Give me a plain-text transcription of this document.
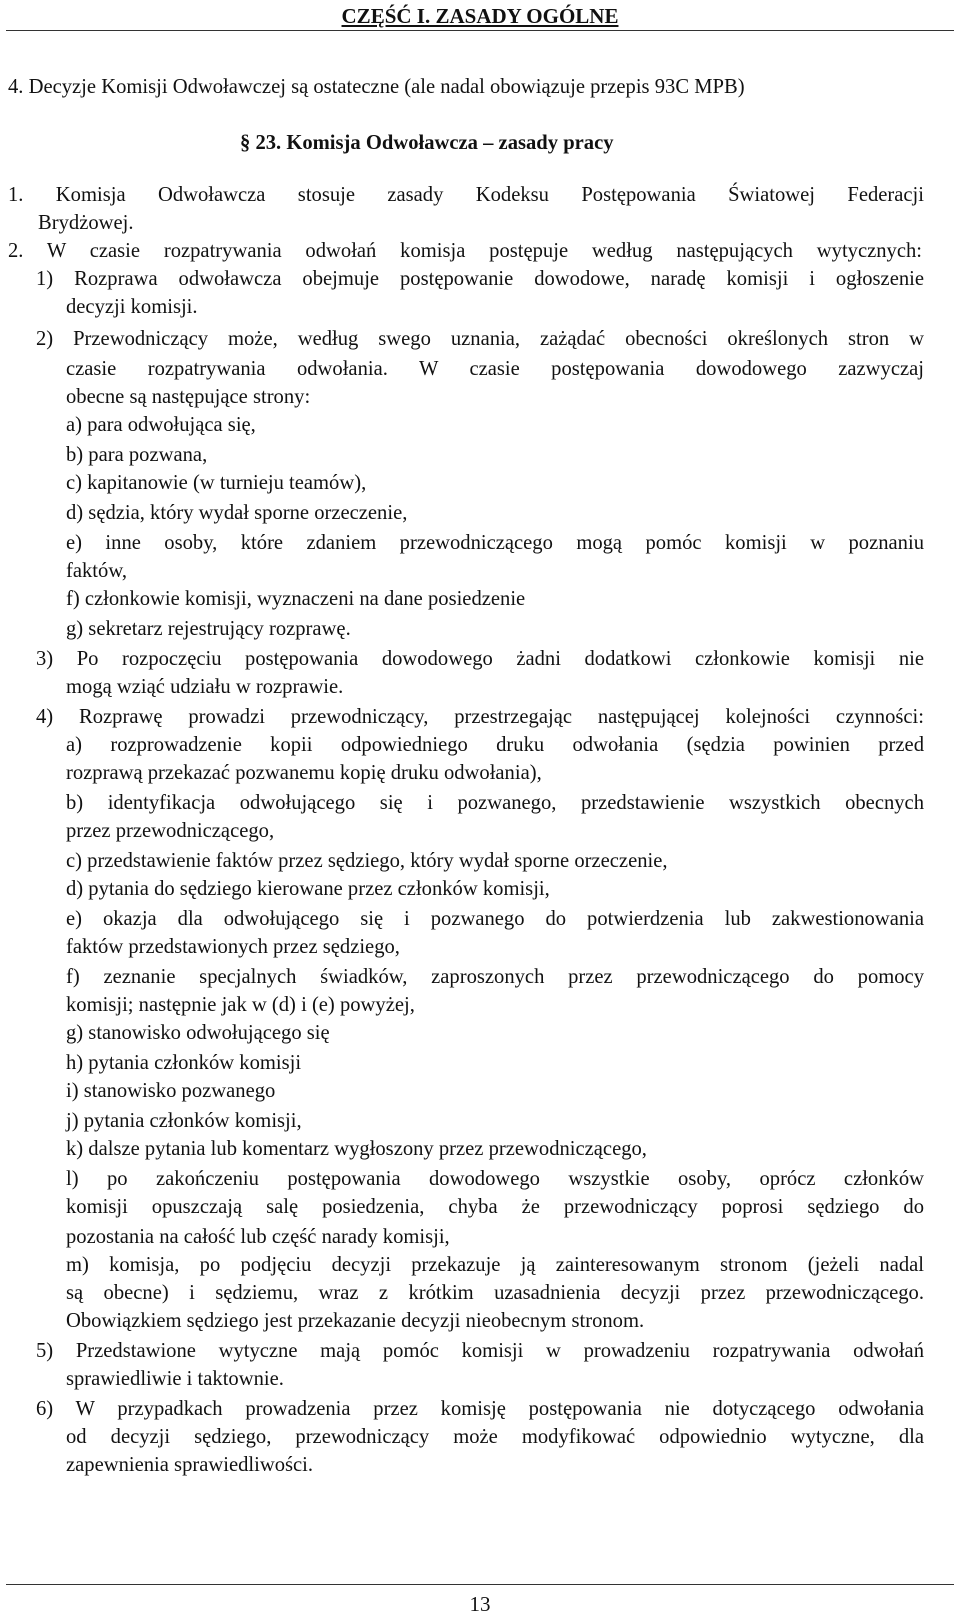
CZĘŚĆ I. ZASADY OGÓLNE
4. Decyzje Komisji Odwoławczej są ostateczne (ale nadal obowiązuje przepis 93C MPB)
§ 23. Komisja Odwoławcza – zasady pracy
1. Komisja Odwoławcza stosuje zasady Kodeksu Postępowania Światowej Federacji
Brydżowej.
2. W czasie rozpatrywania odwołań komisja postępuje według następujących wytycznych:
1) Rozprawa odwoławcza obejmuje postępowanie dowodowe, naradę komisji i ogłoszenie
decyzji komisji.
2) Przewodniczący może, według swego uznania, zażądać obecności określonych stron w
czasie rozpatrywania odwołania. W czasie postępowania dowodowego zazwyczaj
obecne są następujące strony:
a) para odwołująca się,
b) para pozwana,
c) kapitanowie (w turnieju teamów),
d) sędzia, który wydał sporne orzeczenie,
e) inne osoby, które zdaniem przewodniczącego mogą pomóc komisji w poznaniu
faktów,
f) członkowie komisji, wyznaczeni na dane posiedzenie
g) sekretarz rejestrujący rozprawę.
3) Po rozpoczęciu postępowania dowodowego żadni dodatkowi członkowie komisji nie
mogą wziąć udziału w rozprawie.
4) Rozprawę prowadzi przewodniczący, przestrzegając następującej kolejności czynności:
a) rozprowadzenie kopii odpowiedniego druku odwołania (sędzia powinien przed
rozprawą przekazać pozwanemu kopię druku odwołania),
b) identyfikacja odwołującego się i pozwanego, przedstawienie wszystkich obecnych
przez przewodniczącego,
c) przedstawienie faktów przez sędziego, który wydał sporne orzeczenie,
d) pytania do sędziego kierowane przez członków komisji,
e) okazja dla odwołującego się i pozwanego do potwierdzenia lub zakwestionowania
faktów przedstawionych przez sędziego,
f) zeznanie specjalnych świadków, zaproszonych przez przewodniczącego do pomocy
komisji; następnie jak w (d) i (e) powyżej,
g) stanowisko odwołującego się
h) pytania członków komisji
i) stanowisko pozwanego
j) pytania członków komisji,
k) dalsze pytania lub komentarz wygłoszony przez przewodniczącego,
l) po zakończeniu postępowania dowodowego wszystkie osoby, oprócz członków
komisji opuszczają salę posiedzenia, chyba że przewodniczący poprosi sędziego do
pozostania na całość lub część narady komisji,
m) komisja, po podjęciu decyzji przekazuje ją zainteresowanym stronom (jeżeli nadal
są obecne) i sędziemu, wraz z krótkim uzasadnienia decyzji przez przewodniczącego.
Obowiązkiem sędziego jest przekazanie decyzji nieobecnym stronom.
5) Przedstawione wytyczne mają pomóc komisji w prowadzeniu rozpatrywania odwołań
sprawiedliwie i taktownie.
6) W przypadkach prowadzenia przez komisję postępowania nie dotyczącego odwołania
od decyzji sędziego, przewodniczący może modyfikować odpowiednio wytyczne, dla
zapewnienia sprawiedliwości.
13
